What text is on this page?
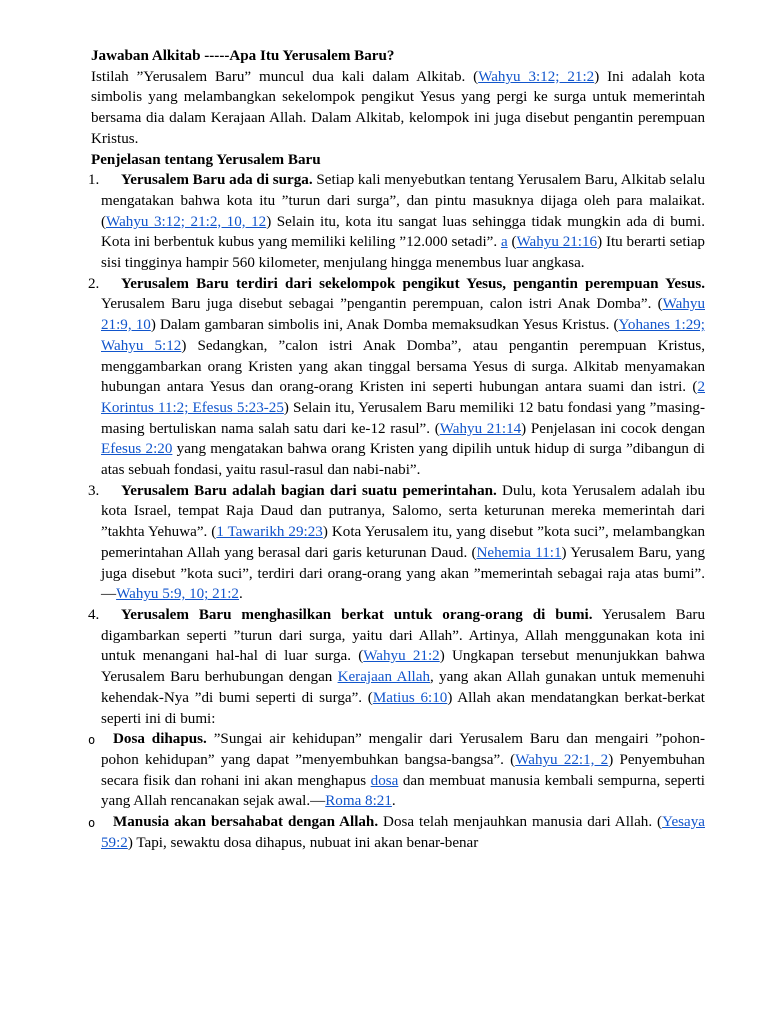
Jawaban Alkitab -----Apa Itu Yerusalem Baru?

Istilah ”Yerusalem Baru” muncul dua kali dalam Alkitab. (Wahyu 3:12; 21:2) Ini adalah kota simbolis yang melambangkan sekelompok pengikut Yesus yang pergi ke surga untuk memerintah bersama dia dalam Kerajaan Allah. Dalam Alkitab, kelompok ini juga disebut pengantin perempuan Kristus.

Penjelasan tentang Yerusalem Baru

1. Yerusalem Baru ada di surga. Setiap kali menyebutkan tentang Yerusalem Baru, Alkitab selalu mengatakan bahwa kota itu ”turun dari surga”, dan pintu masuknya dijaga oleh para malaikat. (Wahyu 3:12; 21:2, 10, 12) Selain itu, kota itu sangat luas sehingga tidak mungkin ada di bumi. Kota ini berbentuk kubus yang memiliki keliling ”12.000 setadi”. a (Wahyu 21:16) Itu berarti setiap sisi tingginya hampir 560 kilometer, menjulang hingga menembus luar angkasa.
2. Yerusalem Baru terdiri dari sekelompok pengikut Yesus, pengantin perempuan Yesus. Yerusalem Baru juga disebut sebagai ”pengantin perempuan, calon istri Anak Domba”. (Wahyu 21:9, 10) Dalam gambaran simbolis ini, Anak Domba memaksudkan Yesus Kristus. (Yohanes 1:29; Wahyu 5:12) Sedangkan, ”calon istri Anak Domba”, atau pengantin perempuan Kristus, menggambarkan orang Kristen yang akan tinggal bersama Yesus di surga. Alkitab menyamakan hubungan antara Yesus dan orang-orang Kristen ini seperti hubungan antara suami dan istri. (2 Korintus 11:2; Efesus 5:23-25) Selain itu, Yerusalem Baru memiliki 12 batu fondasi yang ”masing-masing bertuliskan nama salah satu dari ke-12 rasul”. (Wahyu 21:14) Penjelasan ini cocok dengan Efesus 2:20 yang mengatakan bahwa orang Kristen yang dipilih untuk hidup di surga ”dibangun di atas sebuah fondasi, yaitu rasul-rasul dan nabi-nabi”.
3. Yerusalem Baru adalah bagian dari suatu pemerintahan. Dulu, kota Yerusalem adalah ibu kota Israel, tempat Raja Daud dan putranya, Salomo, serta keturunan mereka memerintah dari ”takhta Yehuwa”. (1 Tawarikh 29:23) Kota Yerusalem itu, yang disebut ”kota suci”, melambangkan pemerintahan Allah yang berasal dari garis keturunan Daud. (Nehemia 11:1) Yerusalem Baru, yang juga disebut ”kota suci”, terdiri dari orang-orang yang akan ”memerintah sebagai raja atas bumi”.—Wahyu 5:9, 10; 21:2.
4. Yerusalem Baru menghasilkan berkat untuk orang-orang di bumi. Yerusalem Baru digambarkan seperti ”turun dari surga, yaitu dari Allah”. Artinya, Allah menggunakan kota ini untuk menangani hal-hal di luar surga. (Wahyu 21:2) Ungkapan tersebut menunjukkan bahwa Yerusalem Baru berhubungan dengan Kerajaan Allah, yang akan Allah gunakan untuk memenuhi kehendak-Nya ”di bumi seperti di surga”. (Matius 6:10) Allah akan mendatangkan berkat-berkat seperti ini di bumi:
o Dosa dihapus. ”Sungai air kehidupan” mengalir dari Yerusalem Baru dan mengairi ”pohon-pohon kehidupan” yang dapat ”menyembuhkan bangsa-bangsa”. (Wahyu 22:1, 2) Penyembuhan secara fisik dan rohani ini akan menghapus dosa dan membuat manusia kembali sempurna, seperti yang Allah rencanakan sejak awal.—Roma 8:21.
o Manusia akan bersahabat dengan Allah. Dosa telah menjauhkan manusia dari Allah. (Yesaya 59:2) Tapi, sewaktu dosa dihapus, nubuat ini akan benar-benar
